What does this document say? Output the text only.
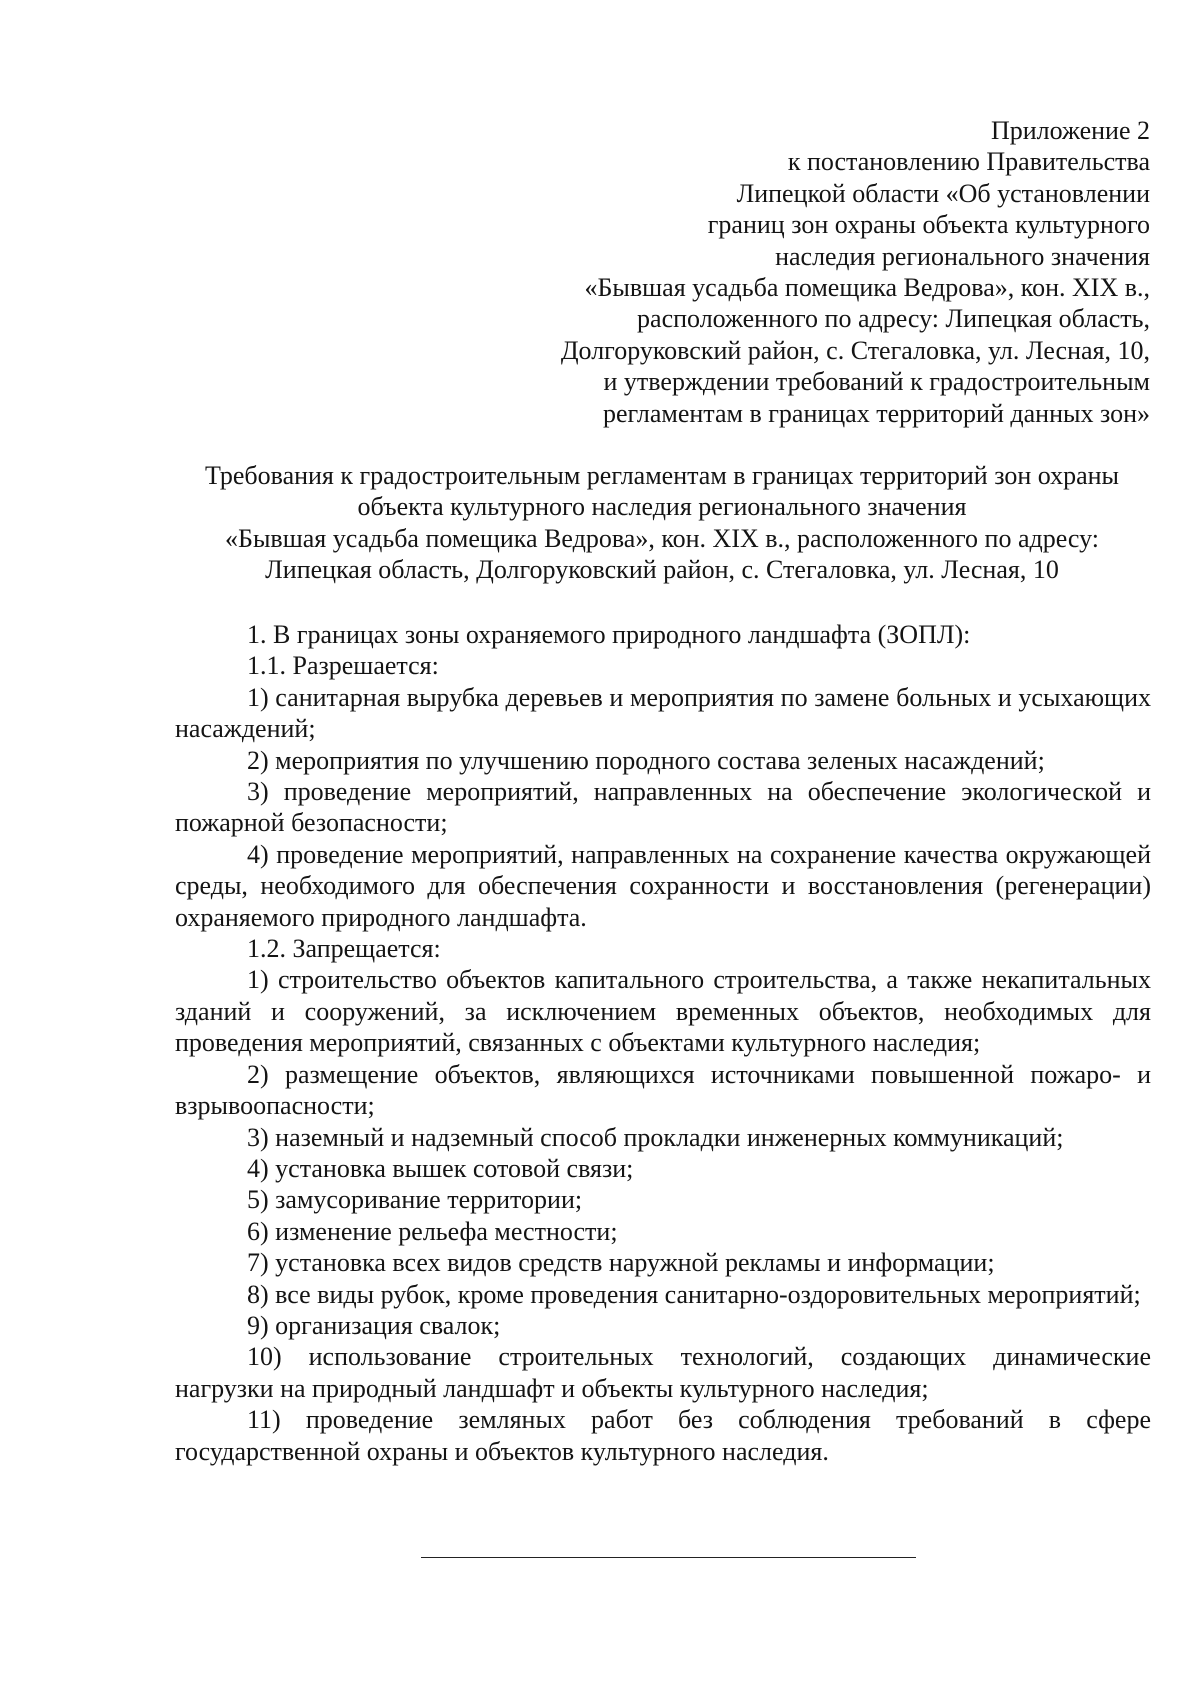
Приложение 2
к постановлению Правительства
Липецкой области «Об установлении
границ зон охраны объекта культурного
наследия регионального значения
«Бывшая усадьба помещика Ведрова», кон. XIX в.,
расположенного по адресу: Липецкая область,
Долгоруковский район, с. Стегаловка, ул. Лесная, 10,
и утверждении требований к градостроительным
регламентам в границах территорий данных зон»
Требования к градостроительным регламентам в границах территорий зон охраны
объекта культурного наследия регионального значения
«Бывшая усадьба помещика Ведрова», кон. XIX в., расположенного по адресу:
Липецкая область, Долгоруковский район, с. Стегаловка, ул. Лесная, 10

1. В границах зоны охраняемого природного ландшафта (ЗОПЛ):

1.1. Разрешается:

1) санитарная вырубка деревьев и мероприятия по замене больных и усыхающих насаждений;

2) мероприятия по улучшению породного состава зеленых насаждений;

3) проведение мероприятий, направленных на обеспечение экологической и пожарной безопасности;

4) проведение мероприятий, направленных на сохранение качества окружающей среды, необходимого для обеспечения сохранности и восстановления (регенерации) охраняемого природного ландшафта.

1.2. Запрещается:

1) строительство объектов капитального строительства, а также некапитальных зданий и сооружений, за исключением временных объектов, необходимых для проведения мероприятий, связанных с объектами культурного наследия;

2) размещение объектов, являющихся источниками повышенной пожаро- и взрывоопасности;

3) наземный и надземный способ прокладки инженерных коммуникаций;

4) установка вышек сотовой связи;

5) замусоривание территории;

6) изменение рельефа местности;

7) установка всех видов средств наружной рекламы и информации;

8) все виды рубок, кроме проведения санитарно-оздоровительных мероприятий;

9) организация свалок;

10) использование строительных технологий, создающих динамические нагрузки на природный ландшафт и объекты культурного наследия;

11) проведение земляных работ без соблюдения требований в сфере государственной охраны и объектов культурного наследия.
